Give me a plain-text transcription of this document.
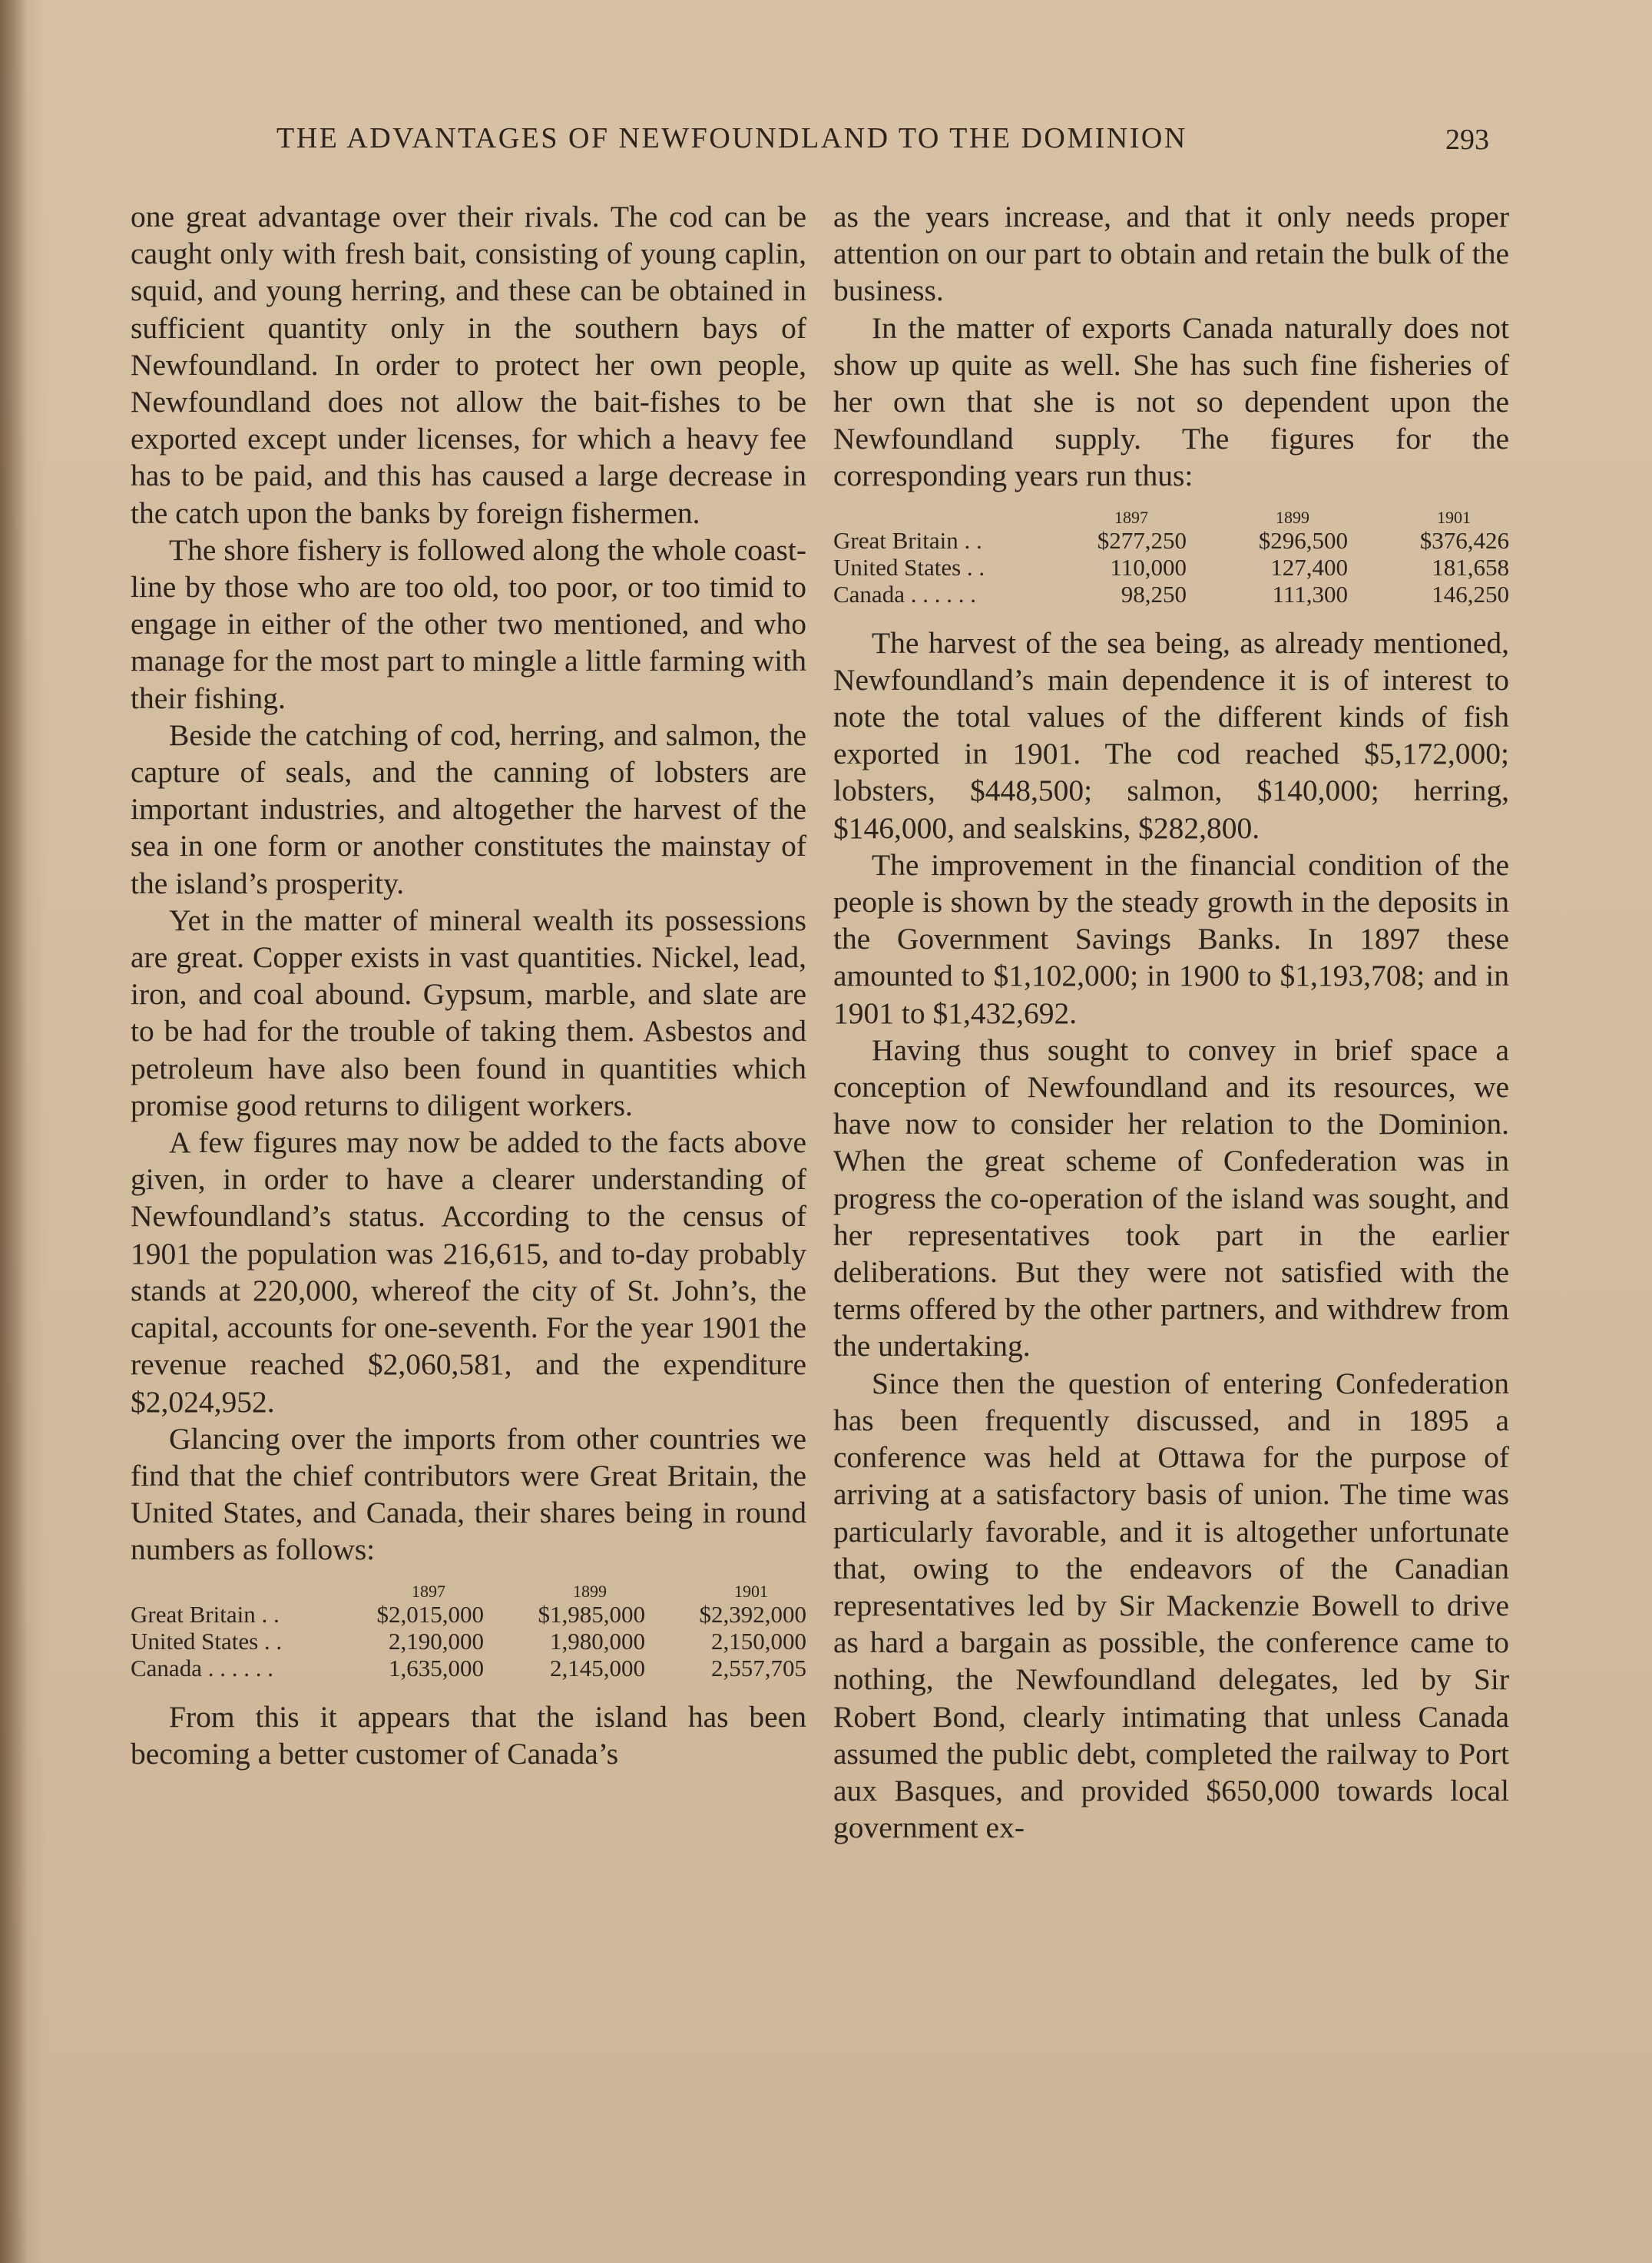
THE ADVANTAGES OF NEWFOUNDLAND TO THE DOMINION	293

one great advantage over their rivals. The cod can be caught only with fresh bait, consisting of young caplin, squid, and young herring, and these can be obtained in sufficient quantity only in the southern bays of Newfoundland. In order to protect her own people, Newfoundland does not allow the bait-fishes to be exported except under licenses, for which a heavy fee has to be paid, and this has caused a large decrease in the catch upon the banks by foreign fishermen.

The shore fishery is followed along the whole coast-line by those who are too old, too poor, or too timid to engage in either of the other two mentioned, and who manage for the most part to mingle a little farming with their fishing.

Beside the catching of cod, herring, and salmon, the capture of seals, and the canning of lobsters are important industries, and altogether the harvest of the sea in one form or another constitutes the mainstay of the island’s prosperity.

Yet in the matter of mineral wealth its possessions are great. Copper exists in vast quantities. Nickel, lead, iron, and coal abound. Gypsum, marble, and slate are to be had for the trouble of taking them. Asbestos and petroleum have also been found in quantities which promise good returns to diligent workers.

A few figures may now be added to the facts above given, in order to have a clearer understanding of Newfoundland’s status. According to the census of 1901 the population was 216,615, and to-day probably stands at 220,000, whereof the city of St. John’s, the capital, accounts for one-seventh. For the year 1901 the revenue reached $2,060,581, and the expenditure $2,024,952.

Glancing over the imports from other countries we find that the chief contributors were Great Britain, the United States, and Canada, their shares being in round numbers as follows:

	1897	1899	1901
Great Britain . .	$2,015,000	$1,985,000	$2,392,000
United States . .	2,190,000	1,980,000	2,150,000
Canada . . . . . .	1,635,000	2,145,000	2,557,705

From this it appears that the island has been becoming a better customer of Canada’s

as the years increase, and that it only needs proper attention on our part to obtain and retain the bulk of the business.

In the matter of exports Canada naturally does not show up quite as well. She has such fine fisheries of her own that she is not so dependent upon the Newfoundland supply. The figures for the corresponding years run thus:

	1897	1899	1901
Great Britain . .	$277,250	$296,500	$376,426
United States . .	110,000	127,400	181,658
Canada . . . . . .	98,250	111,300	146,250

The harvest of the sea being, as already mentioned, Newfoundland’s main dependence it is of interest to note the total values of the different kinds of fish exported in 1901. The cod reached $5,172,000; lobsters, $448,500; salmon, $140,000; herring, $146,000, and sealskins, $282,800.

The improvement in the financial condition of the people is shown by the steady growth in the deposits in the Government Savings Banks. In 1897 these amounted to $1,102,000; in 1900 to $1,193,708; and in 1901 to $1,432,692.

Having thus sought to convey in brief space a conception of Newfoundland and its resources, we have now to consider her relation to the Dominion. When the great scheme of Confederation was in progress the co-operation of the island was sought, and her representatives took part in the earlier deliberations. But they were not satisfied with the terms offered by the other partners, and withdrew from the undertaking.

Since then the question of entering Confederation has been frequently discussed, and in 1895 a conference was held at Ottawa for the purpose of arriving at a satisfactory basis of union. The time was particularly favorable, and it is altogether unfortunate that, owing to the endeavors of the Canadian representatives led by Sir Mackenzie Bowell to drive as hard a bargain as possible, the conference came to nothing, the Newfoundland delegates, led by Sir Robert Bond, clearly intimating that unless Canada assumed the public debt, completed the railway to Port aux Basques, and provided $650,000 towards local government ex-
